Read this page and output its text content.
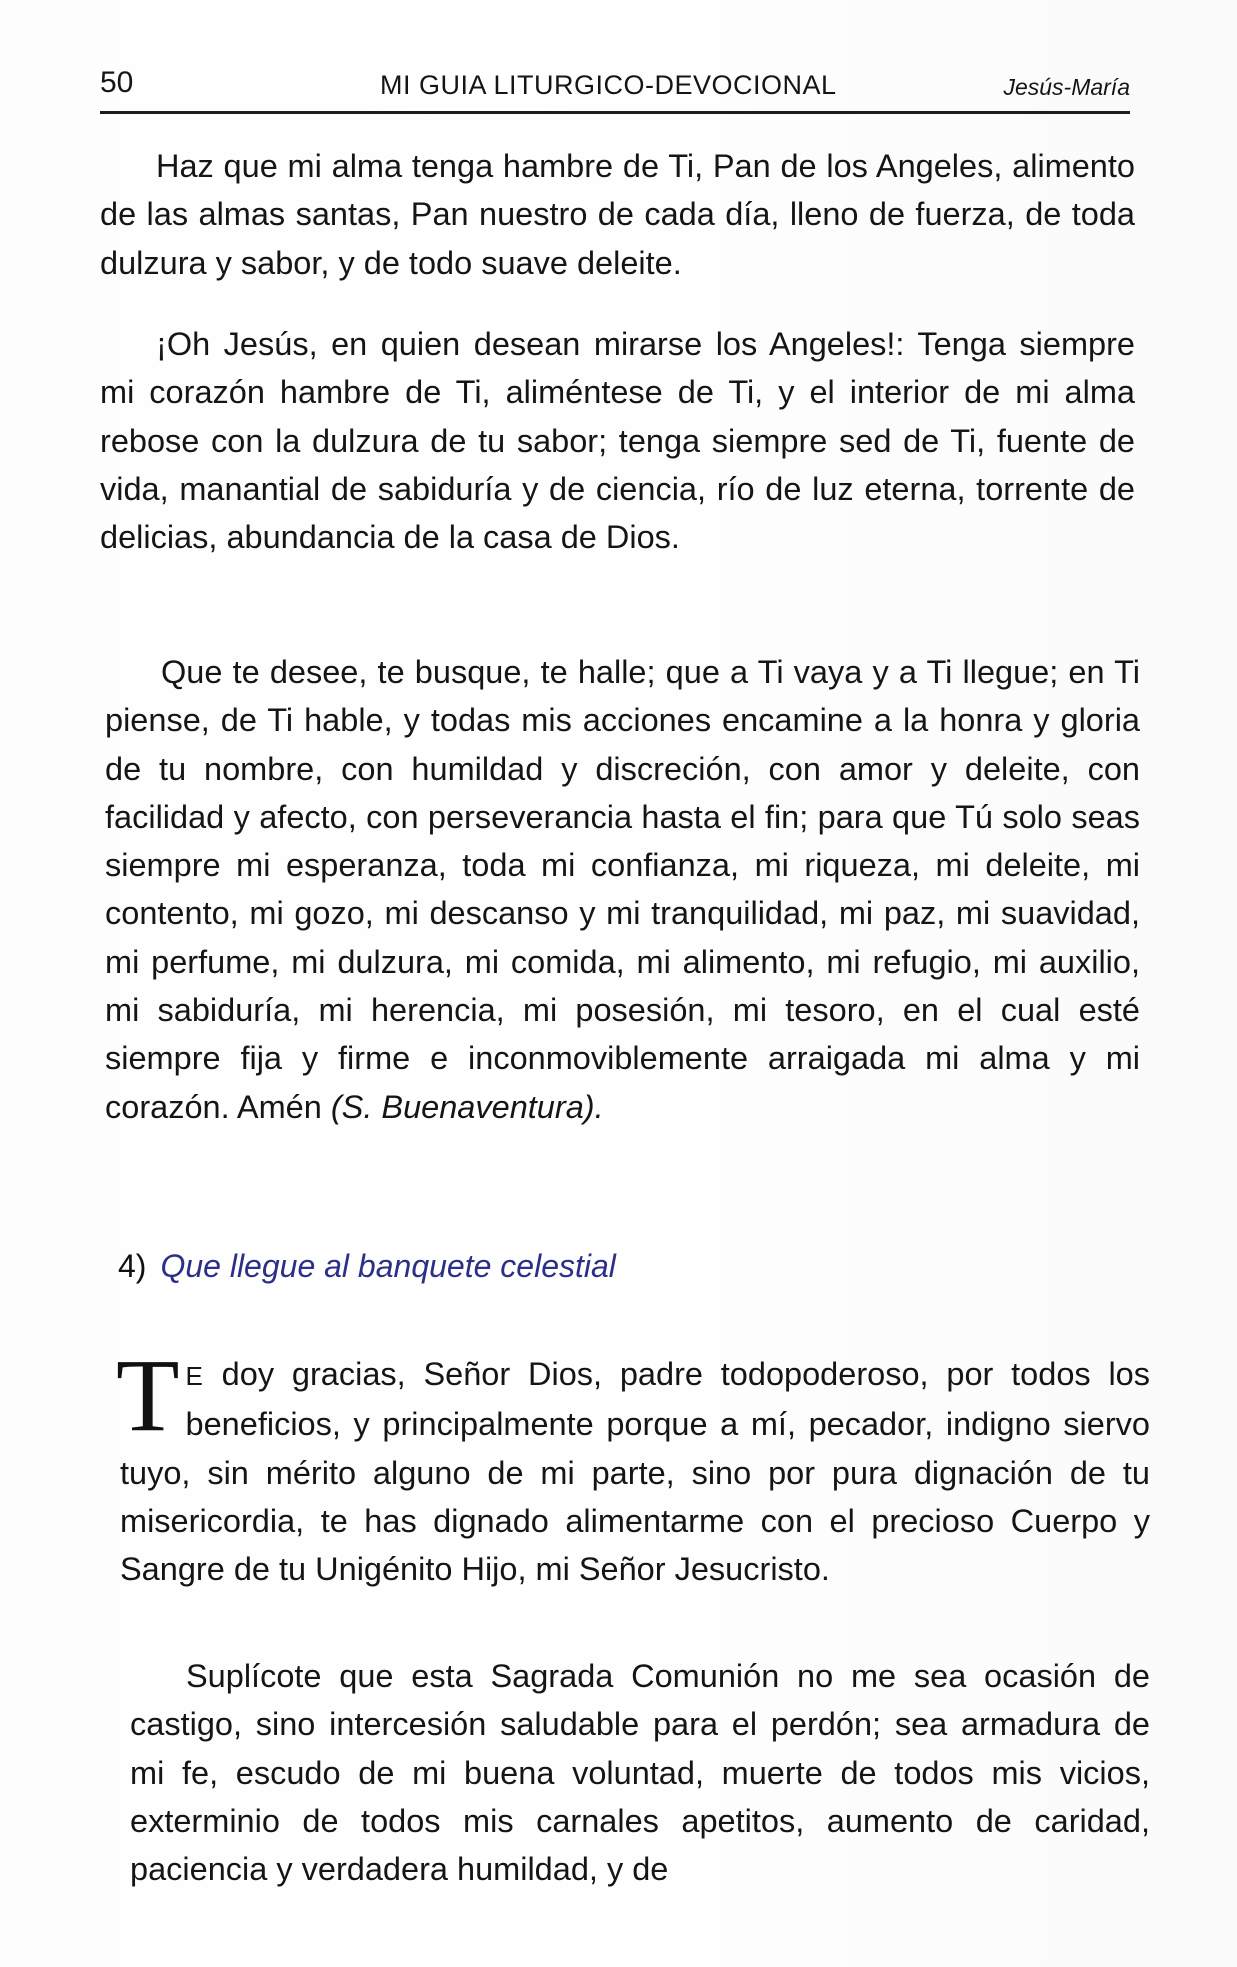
50	MI GUIA LITURGICO-DEVOCIONAL	Jesús-María

Haz que mi alma tenga hambre de Ti, Pan de los Angeles, alimento de las almas santas, Pan nuestro de cada día, lleno de fuerza, de toda dulzura y sabor, y de todo suave deleite.

¡Oh Jesús, en quien desean mirarse los Angeles!: Tenga siempre mi corazón hambre de Ti, aliméntese de Ti, y el interior de mi alma rebose con la dulzura de tu sabor; tenga siempre sed de Ti, fuente de vida, manantial de sabiduría y de ciencia, río de luz eterna, torrente de delicias, abundancia de la casa de Dios.

Que te desee, te busque, te halle; que a Ti vaya y a Ti llegue; en Ti piense, de Ti hable, y todas mis acciones encamine a la honra y gloria de tu nombre, con humildad y discreción, con amor y deleite, con facilidad y afecto, con perseverancia hasta el fin; para que Tú solo seas siempre mi esperanza, toda mi confianza, mi riqueza, mi deleite, mi contento, mi gozo, mi descanso y mi tranquilidad, mi paz, mi suavidad, mi perfume, mi dulzura, mi comida, mi alimento, mi refugio, mi auxilio, mi sabiduría, mi herencia, mi posesión, mi tesoro, en el cual esté siempre fija y firme e inconmoviblemente arraigada mi alma y mi corazón. Amén (S. Buenaventura).

4) Que llegue al banquete celestial

T E doy gracias, Señor Dios, padre todopoderoso, por todos los beneficios, y principalmente porque a mí, pecador, indigno siervo tuyo, sin mérito alguno de mi parte, sino por pura dignación de tu misericordia, te has dignado alimentarme con el precioso Cuerpo y Sangre de tu Unigénito Hijo, mi Señor Jesucristo.

Suplícote que esta Sagrada Comunión no me sea ocasión de castigo, sino intercesión saludable para el perdón; sea armadura de mi fe, escudo de mi buena voluntad, muerte de todos mis vicios, exterminio de todos mis carnales apetitos, aumento de caridad, paciencia y verdadera humildad, y de
